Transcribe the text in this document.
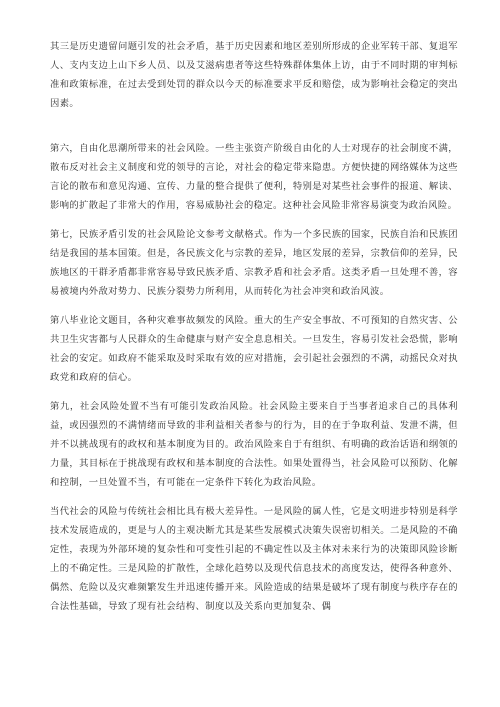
其三是历史遗留问题引发的社会矛盾，基于历史因素和地区差别所形成的企业军转干部、复退军人、支内支边上山下乡人员、以及艾滋病患者等这些特殊群体集体上访，由于不同时期的审判标准和政策标准，在过去受到处罚的群众以今天的标准要求平反和赔偿，成为影响社会稳定的突出因素。

第六，自由化思潮所带来的社会风险。一些主张资产阶级自由化的人士对现存的社会制度不满，散布反对社会主义制度和党的领导的言论，对社会的稳定带来隐患。方便快捷的网络媒体为这些言论的散布和意见沟通、宣传、力量的整合提供了便利，特别是对某些社会事件的报道、解读、影响的扩散起了非常大的作用，容易威胁社会的稳定。这种社会风险非常容易演变为政治风险。

第七，民族矛盾引发的社会风险论文参考文献格式。作为一个多民族的国家，民族自治和民族团结是我国的基本国策。但是，各民族文化与宗教的差异，地区发展的差异，宗教信仰的差异，民族地区的干群矛盾都非常容易导致民族矛盾、宗教矛盾和社会矛盾。这类矛盾一旦处理不善，容易被境内外敌对势力、民族分裂势力所利用，从而转化为社会冲突和政治风波。

第八毕业论文题目，各种灾难事故频发的风险。重大的生产安全事故、不可预知的自然灾害、公共卫生灾害都与人民群众的生命健康与财产安全息息相关。一旦发生，容易引发社会恐慌，影响社会的安定。如政府不能采取及时采取有效的应对措施，会引起社会强烈的不满，动摇民众对执政党和政府的信心。

第九，社会风险处置不当有可能引发政治风险。社会风险主要来自于当事者追求自己的具体利益，或因强烈的不满情绪而导致的非利益相关者参与的行为，目的在于争取利益、发泄不满，但并不以挑战现有的政权和基本制度为目的。政治风险来自于有组织、有明确的政治话语和纲领的力量，其目标在于挑战现有政权和基本制度的合法性。如果处置得当，社会风险可以预防、化解和控制，一旦处置不当，有可能在一定条件下转化为政治风险。

当代社会的风险与传统社会相比具有极大差异性。一是风险的属人性，它是文明进步特别是科学技术发展造成的，更是与人的主观决断尤其是某些发展模式决策失误密切相关。二是风险的不确定性，表现为外部环境的复杂性和可变性引起的不确定性以及主体对未来行为的决策即风险诊断上的不确定性。三是风险的扩散性，全球化趋势以及现代信息技术的高度发达，使得各种意外、偶然、危险以及灾难频繁发生并迅速传播开来。风险造成的结果是破坏了现有制度与秩序存在的合法性基础，导致了现有社会结构、制度以及关系向更加复杂、偶
